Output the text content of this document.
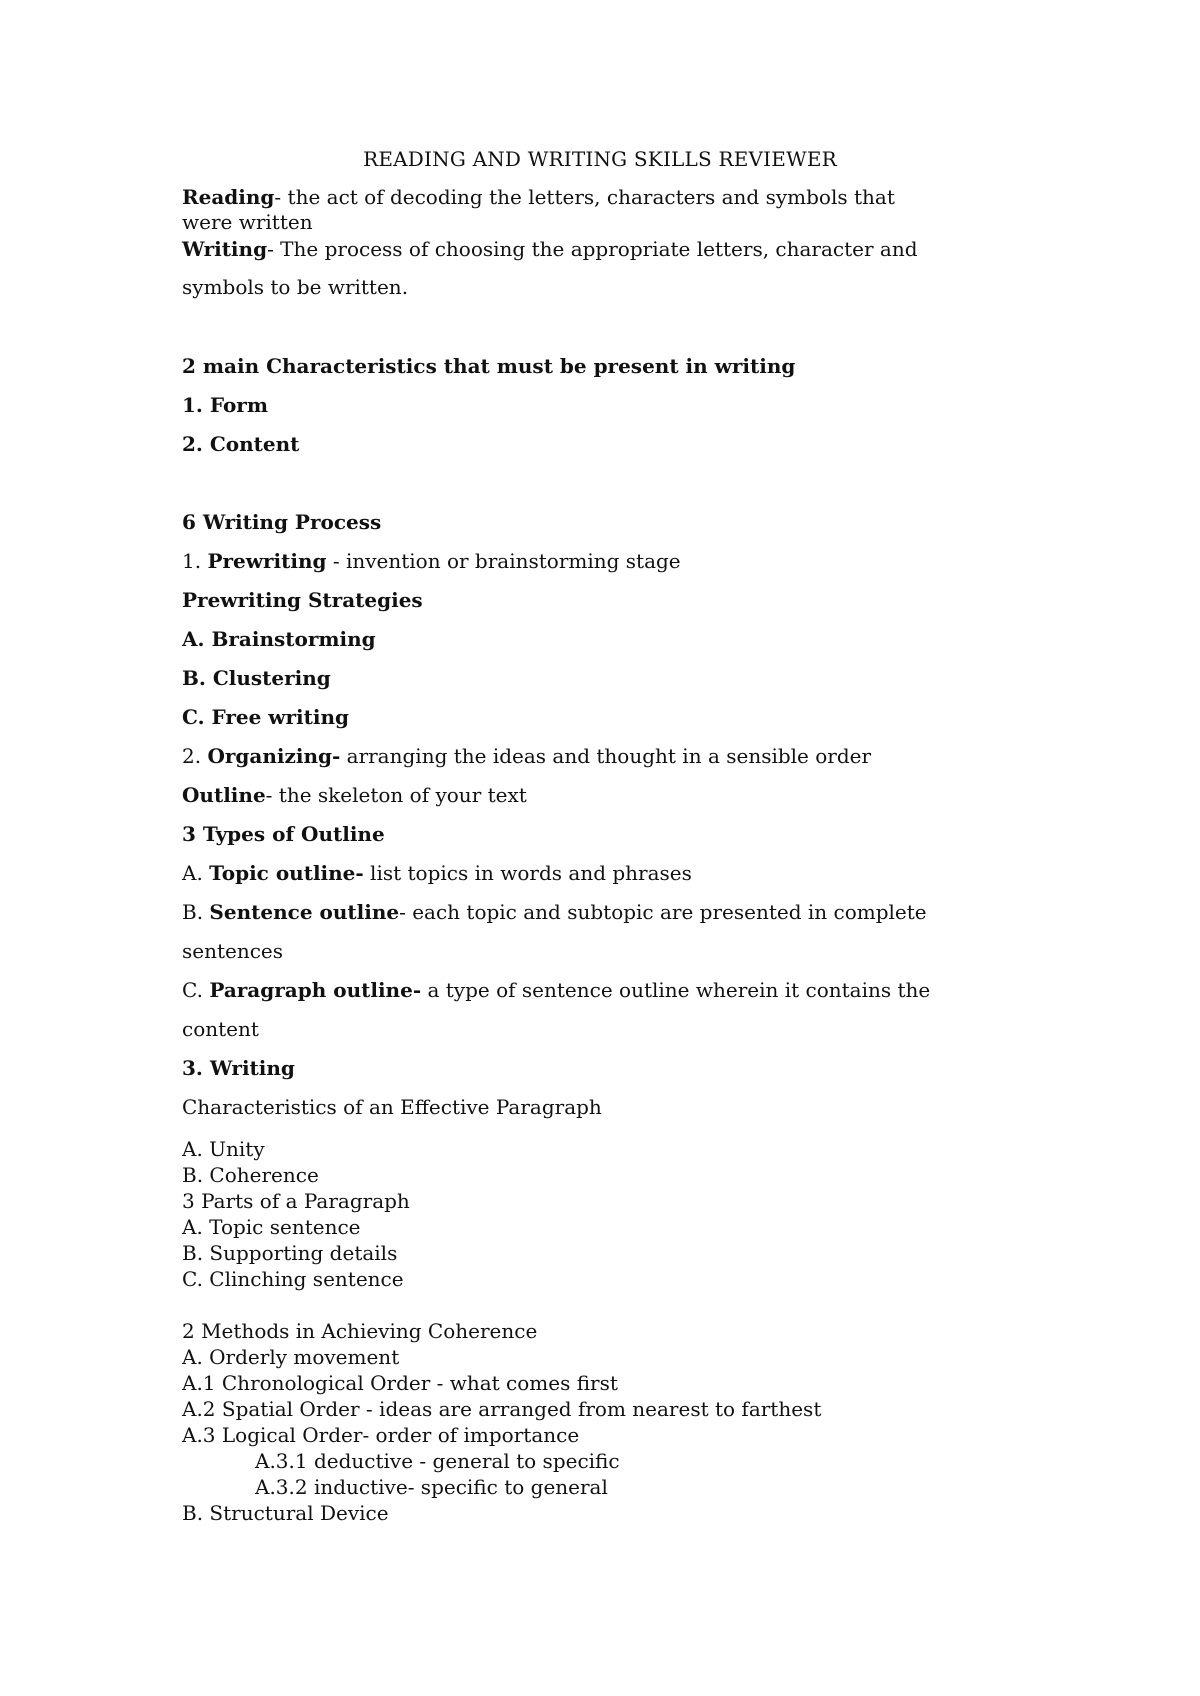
READING AND WRITING SKILLS REVIEWER
Reading- the act of decoding the letters, characters and symbols that
were written
Writing- The process of choosing the appropriate letters, character and
symbols to be written.
2 main Characteristics that must be present in writing
1. Form
2. Content
6 Writing Process
1. Prewriting - invention or brainstorming stage
Prewriting Strategies
A. Brainstorming
B. Clustering
C. Free writing
2. Organizing- arranging the ideas and thought in a sensible order
Outline- the skeleton of your text
3 Types of Outline
A. Topic outline- list topics in words and phrases
B. Sentence outline- each topic and subtopic are presented in complete
sentences
C. Paragraph outline- a type of sentence outline wherein it contains the
content
3. Writing
Characteristics of an Effective Paragraph
A. Unity
B. Coherence
3 Parts of a Paragraph
A. Topic sentence
B. Supporting details
C. Clinching sentence
2 Methods in Achieving Coherence
A. Orderly movement
A.1 Chronological Order - what comes first
A.2 Spatial Order - ideas are arranged from nearest to farthest
A.3 Logical Order- order of importance
A.3.1 deductive - general to specific
A.3.2 inductive- specific to general
B. Structural Device
